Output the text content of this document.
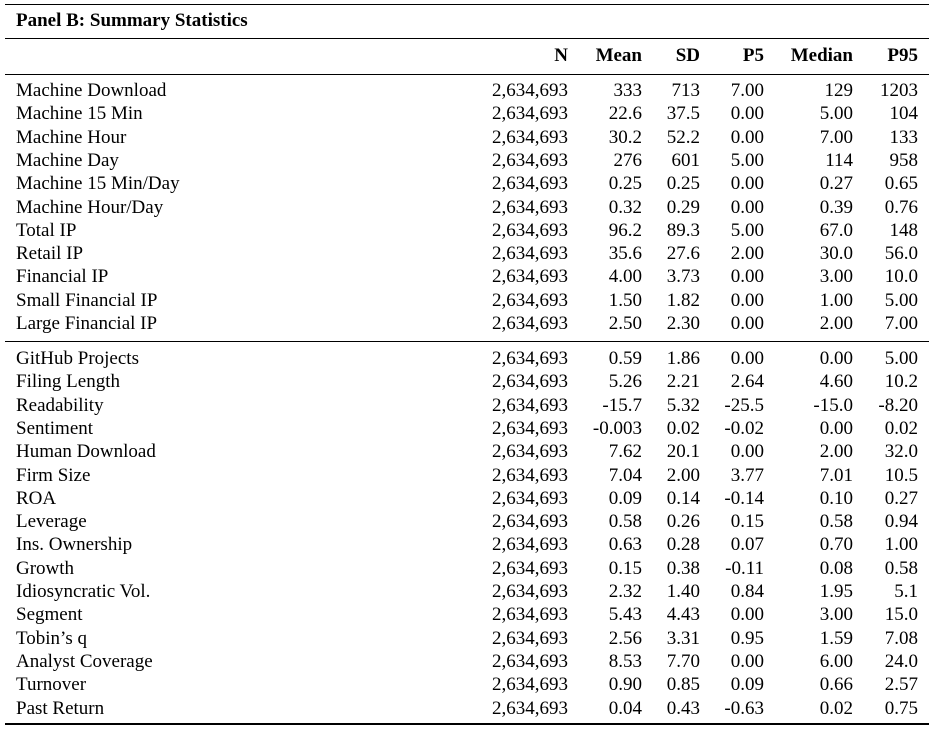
Panel B: Summary Statistics
N Mean SD P5 Median P95
Machine Download	2,634,693 333 713 7.00	129 1203
Machine 15 Min	2,634,693 22.6 37.5 0.00	5.00 104
Machine Hour	2,634,693 30.2 52.2 0.00	7.00 133
Machine Day	2,634,693 276 601 5.00	114 958
Machine 15 Min/Day	2,634,693 0.25 0.25 0.00	0.27 0.65
Machine Hour/Day	2,634,693 0.32 0.29 0.00	0.39 0.76
Total IP	2,634,693 96.2 89.3 5.00	67.0 148
Retail IP	2,634,693 35.6 27.6 2.00	30.0 56.0
Financial IP	2,634,693 4.00 3.73 0.00	3.00 10.0
Small Financial IP	2,634,693 1.50 1.82 0.00	1.00 5.00
Large Financial IP	2,634,693 2.50 2.30 0.00	2.00 7.00
GitHub Projects	2,634,693 0.59 1.86 0.00	0.00 5.00
Filing Length	2,634,693 5.26 2.21 2.64	4.60 10.2
Readability	2,634,693 -15.7 5.32 -25.5	-15.0 -8.20
Sentiment	2,634,693 -0.003 0.02 -0.02	0.00 0.02
Human Download	2,634,693 7.62 20.1 0.00	2.00 32.0
Firm Size	2,634,693 7.04 2.00 3.77	7.01 10.5
ROA	2,634,693 0.09 0.14 -0.14	0.10 0.27
Leverage	2,634,693 0.58 0.26 0.15	0.58 0.94
Ins. Ownership	2,634,693 0.63 0.28 0.07	0.70 1.00
Growth	2,634,693 0.15 0.38 -0.11	0.08 0.58
Idiosyncratic Vol.	2,634,693 2.32 1.40 0.84	1.95 5.1
Segment	2,634,693 5.43 4.43 0.00	3.00 15.0
Tobin’s q	2,634,693 2.56 3.31 0.95	1.59 7.08
Analyst Coverage	2,634,693 8.53 7.70 0.00	6.00 24.0
Turnover	2,634,693 0.90 0.85 0.09	0.66 2.57
Past Return	2,634,693 0.04 0.43 -0.63	0.02 0.75
